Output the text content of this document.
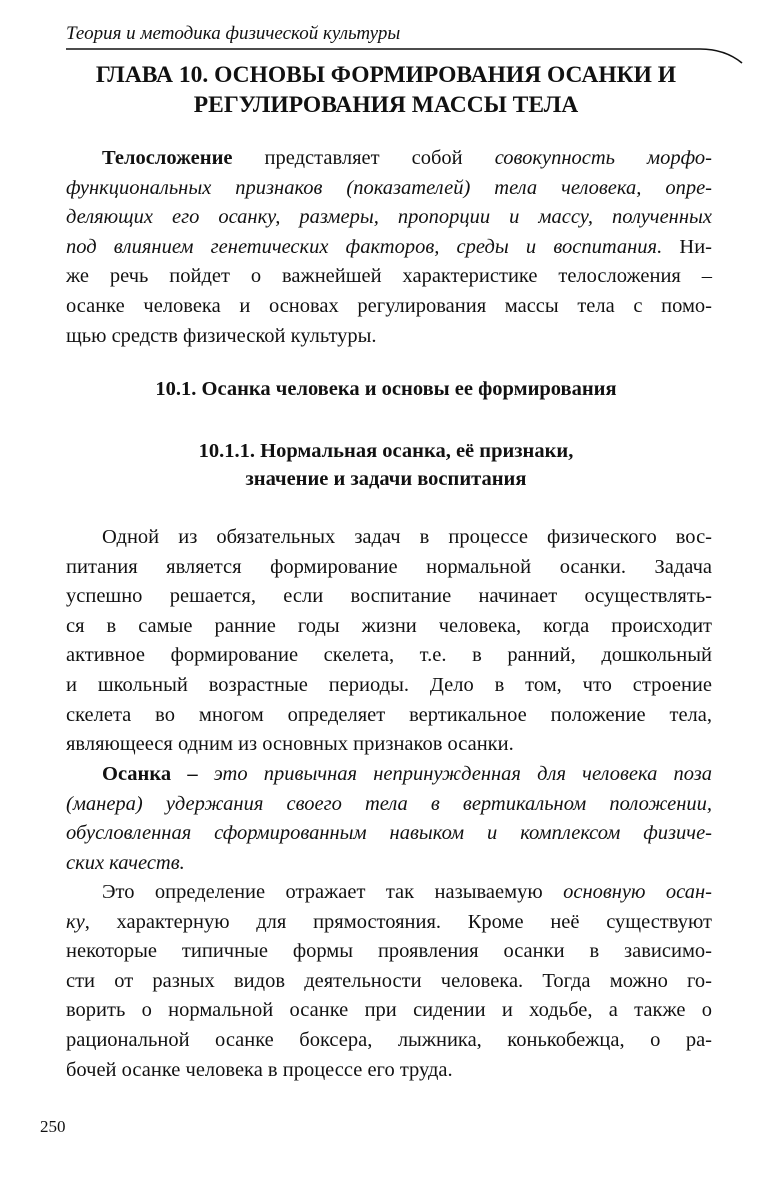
Теория и методика физической культуры
ГЛАВА 10. ОСНОВЫ ФОРМИРОВАНИЯ ОСАНКИ И
РЕГУЛИРОВАНИЯ МАССЫ ТЕЛА
Телосложение представляет собой совокупность морфо-
функциональных признаков (показателей) тела человека, опре-
деляющих его осанку, размеры, пропорции и массу, полученных
под влиянием генетических факторов, среды и воспитания. Ни-
же речь пойдет о важнейшей характеристике телосложения –
осанке человека и основах регулирования массы тела с помо-
щью средств физической культуры.
10.1. Осанка человека и основы ее формирования
10.1.1. Нормальная осанка, её признаки,
значение и задачи воспитания
Одной из обязательных задач в процессе физического вос-
питания является формирование нормальной осанки. Задача
успешно решается, если воспитание начинает осуществлять-
ся в самые ранние годы жизни человека, когда происходит
активное формирование скелета, т.е. в ранний, дошкольный
и школьный возрастные периоды. Дело в том, что строение
скелета во многом определяет вертикальное положение тела,
являющееся одним из основных признаков осанки.
Осанка – это привычная непринужденная для человека поза
(манера) удержания своего тела в вертикальном положении,
обусловленная сформированным навыком и комплексом физиче-
ских качеств.
Это определение отражает так называемую основную осан-
ку, характерную для прямостояния. Кроме неё существуют
некоторые типичные формы проявления осанки в зависимо-
сти от разных видов деятельности человека. Тогда можно го-
ворить о нормальной осанке при сидении и ходьбе, а также о
рациональной осанке боксера, лыжника, конькобежца, о ра-
бочей осанке человека в процессе его труда.
250
